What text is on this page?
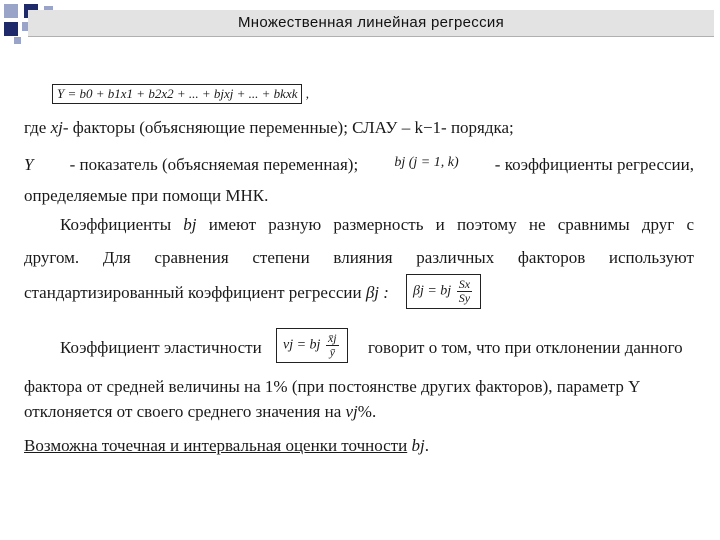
Множественная линейная регрессия
Y = b0 + b1x1 + b2x2 + ... + bjxj + ... + bkxk ,
где xj- факторы (объясняющие переменные); СЛАУ – k−1- порядка;
Y - показатель (объясняемая переменная);	bj (j = 1, k) - коэффициенты регрессии,
определяемые при помощи МНК.
Коэффициенты bj имеют разную размерность и поэтому не сравнимы друг с
другом. Для сравнения степени влияния различных факторов используют
стандартизированный коэффициент регрессии βj :	βj = bj $\frac{Sx}{Sy}$
Коэффициент эластичности	νj = bj $\frac{x̄j}{ȳ}$ говорит о том, что при отклонении данного
фактора от средней величины на 1% (при постоянстве других факторов), параметр Y
отклоняется от своего среднего значения на νj%.
Возможна точечная и интервальная оценки точности bj.
